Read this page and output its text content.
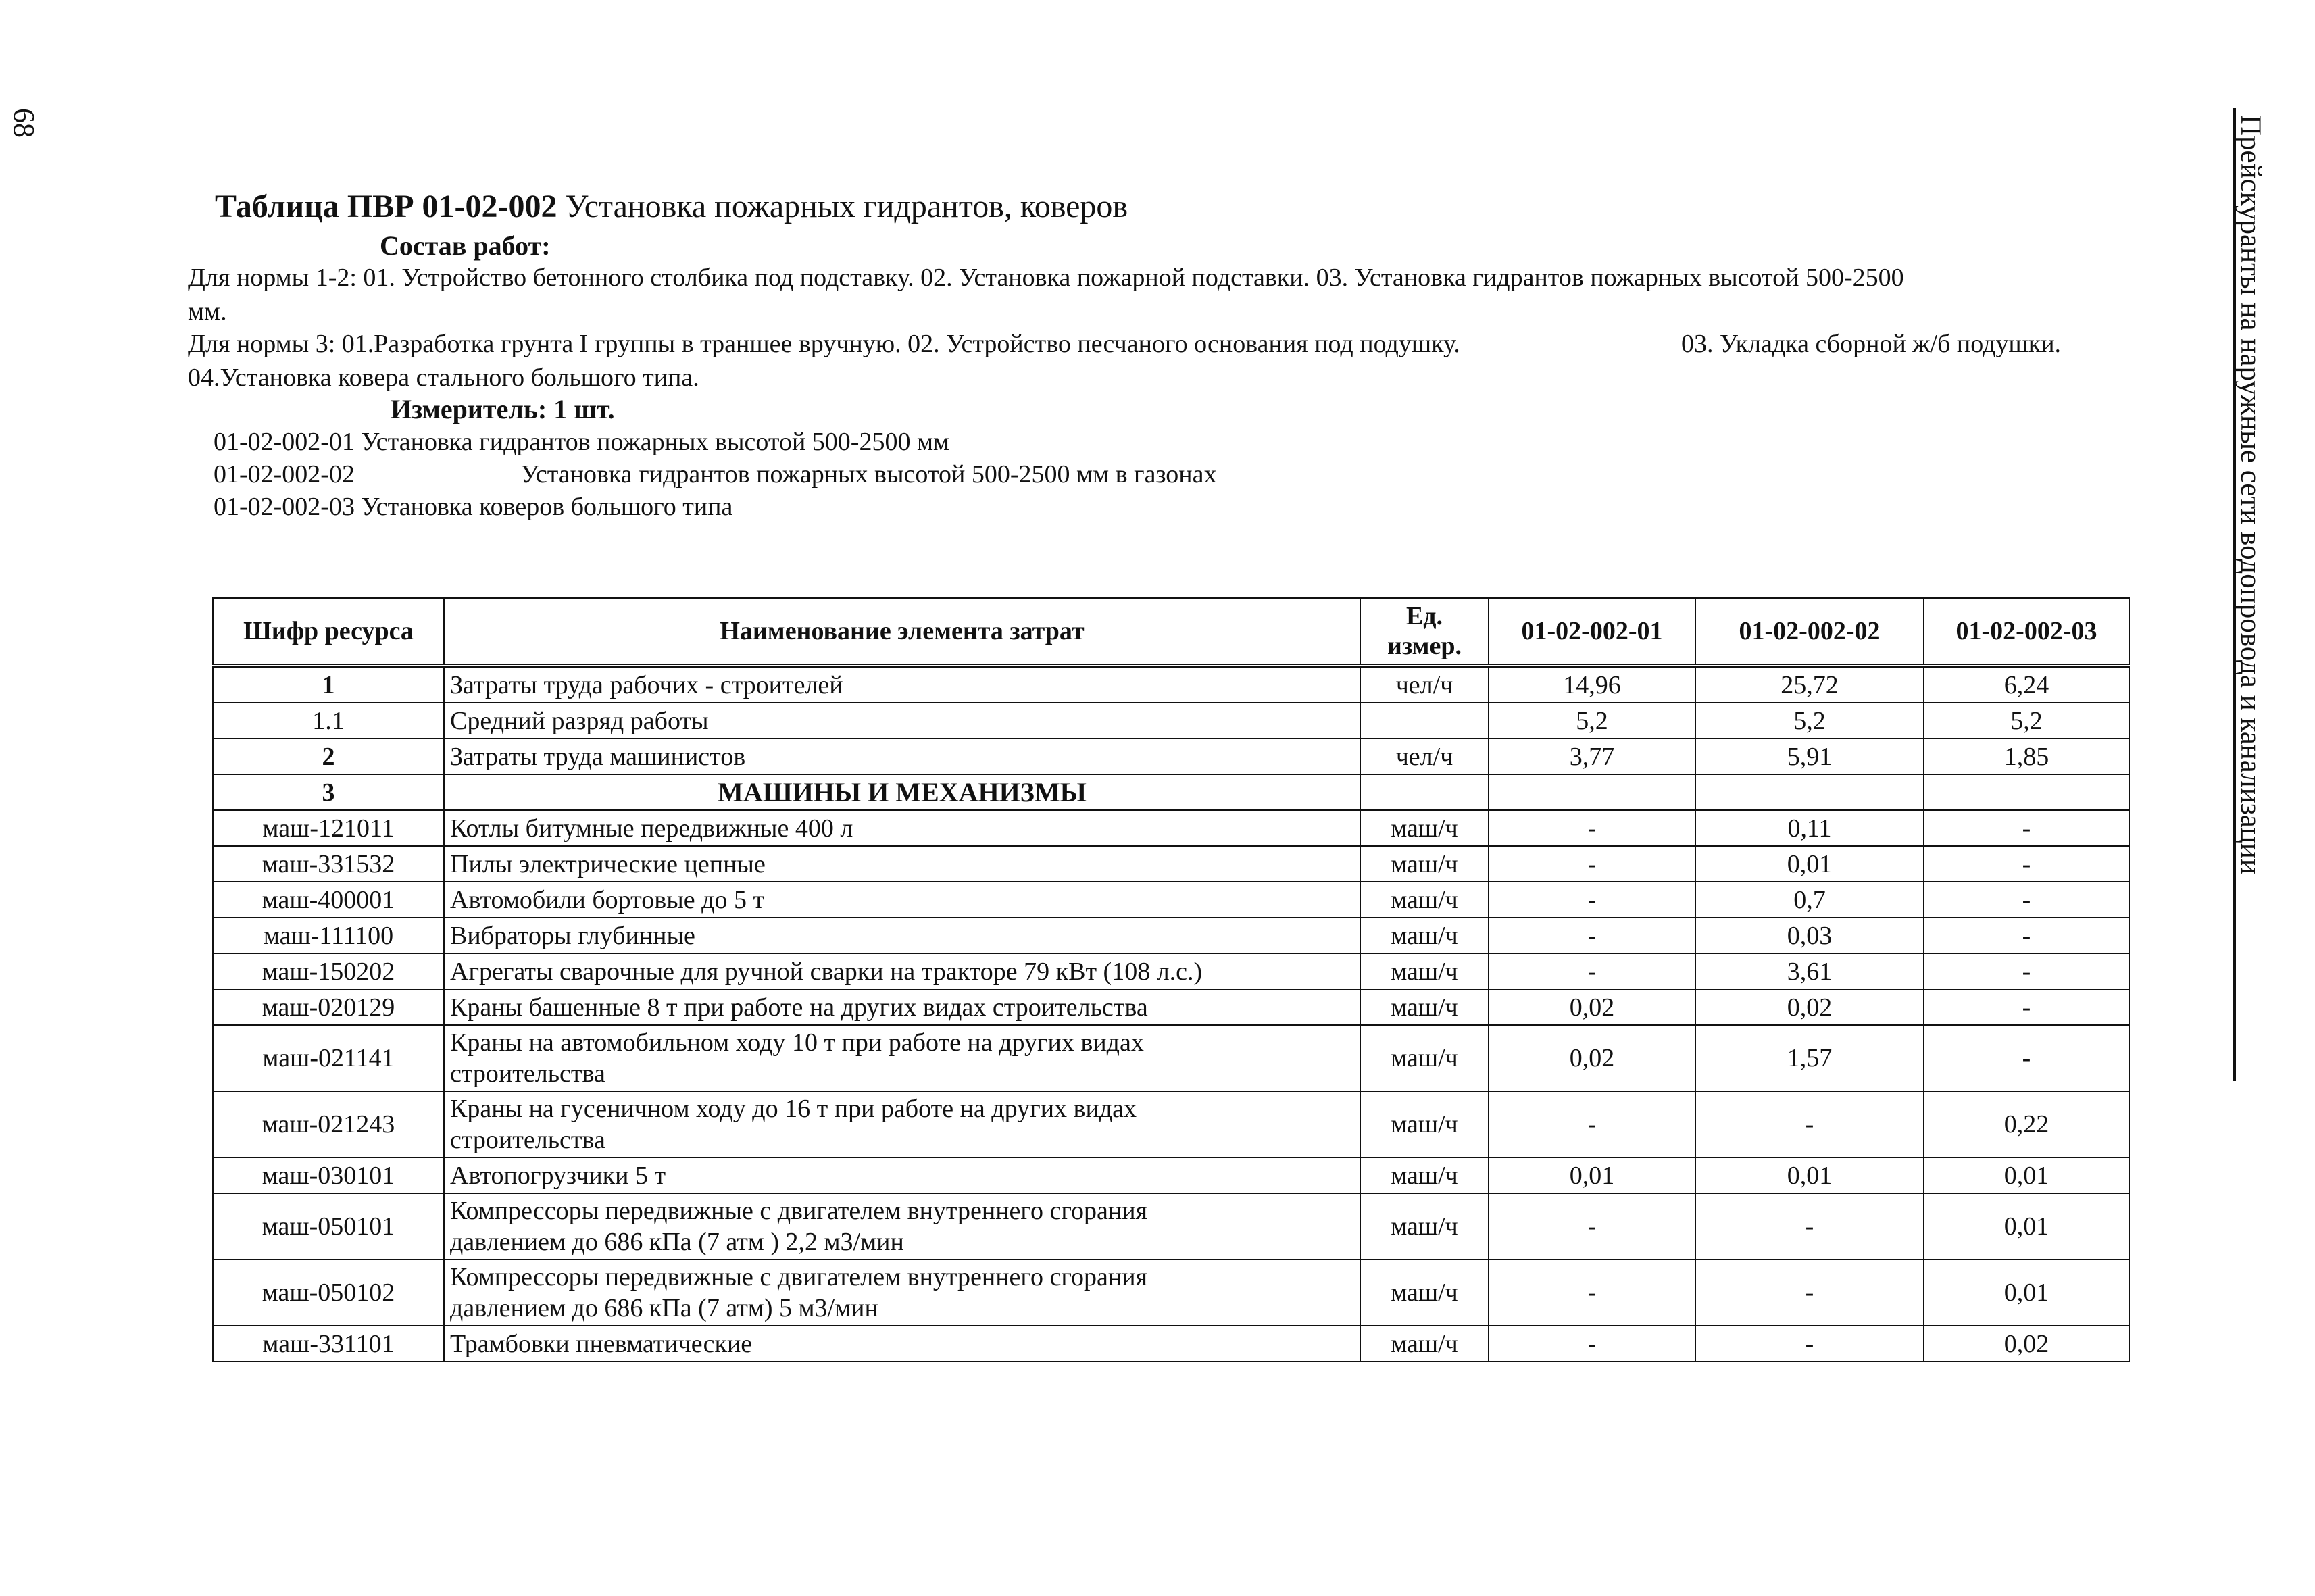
68	Прейскуранты на наружные сети водопровода и канализации
Таблица ПВР 01-02-002 Установка пожарных гидрантов, коверов
Состав работ:
Для нормы 1-2: 01. Устройство бетонного столбика под подставку. 02. Установка пожарной подставки. 03. Установка гидрантов пожарных высотой 500-2500
мм.
Для нормы 3: 01.Разработка грунта I группы в траншее вручную. 02. Устройство песчаного основания под подушку.	03. Укладка сборной ж/б подушки.
04.Установка ковера стального большого типа.
Измеритель: 1 шт.
01-02-002-01 Установка гидрантов пожарных высотой 500-2500 мм
01-02-002-02	Установка гидрантов пожарных высотой 500-2500 мм в газонах
01-02-002-03 Установка коверов большого типа
Шифр ресурса	Наименование элемента затрат	Ед. измер.	01-02-002-01	01-02-002-02	01-02-002-03
1	Затраты труда рабочих - строителей	чел/ч	14,96	25,72	6,24
1.1	Средний разряд работы		5,2	5,2	5,2
2	Затраты труда машинистов	чел/ч	3,77	5,91	1,85
3	МАШИНЫ И МЕХАНИЗМЫ				
маш-121011	Котлы битумные передвижные 400 л	маш/ч	-	0,11	-
маш-331532	Пилы электрические цепные	маш/ч	-	0,01	-
маш-400001	Автомобили бортовые до 5 т	маш/ч	-	0,7	-
маш-111100	Вибраторы глубинные	маш/ч	-	0,03	-
маш-150202	Агрегаты сварочные для ручной сварки на тракторе 79 кВт (108 л.с.)	маш/ч	-	3,61	-
маш-020129	Краны башенные 8 т при работе на других видах строительства	маш/ч	0,02	0,02	-
маш-021141	Краны на автомобильном ходу 10 т при работе на других видах
строительства	маш/ч	0,02	1,57	-
маш-021243	Краны на гусеничном ходу до 16 т при работе на других видах
строительства	маш/ч	-	-	0,22
маш-030101	Автопогрузчики 5 т	маш/ч	0,01	0,01	0,01
маш-050101	Компрессоры передвижные с двигателем внутреннего сгорания
давлением до 686 кПа (7 атм ) 2,2 м3/мин	маш/ч	-	-	0,01
маш-050102	Компрессоры передвижные с двигателем внутреннего сгорания
давлением до 686 кПа (7 атм) 5 м3/мин	маш/ч	-	-	0,01
маш-331101	Трамбовки пневматические	маш/ч	-	-	0,02
